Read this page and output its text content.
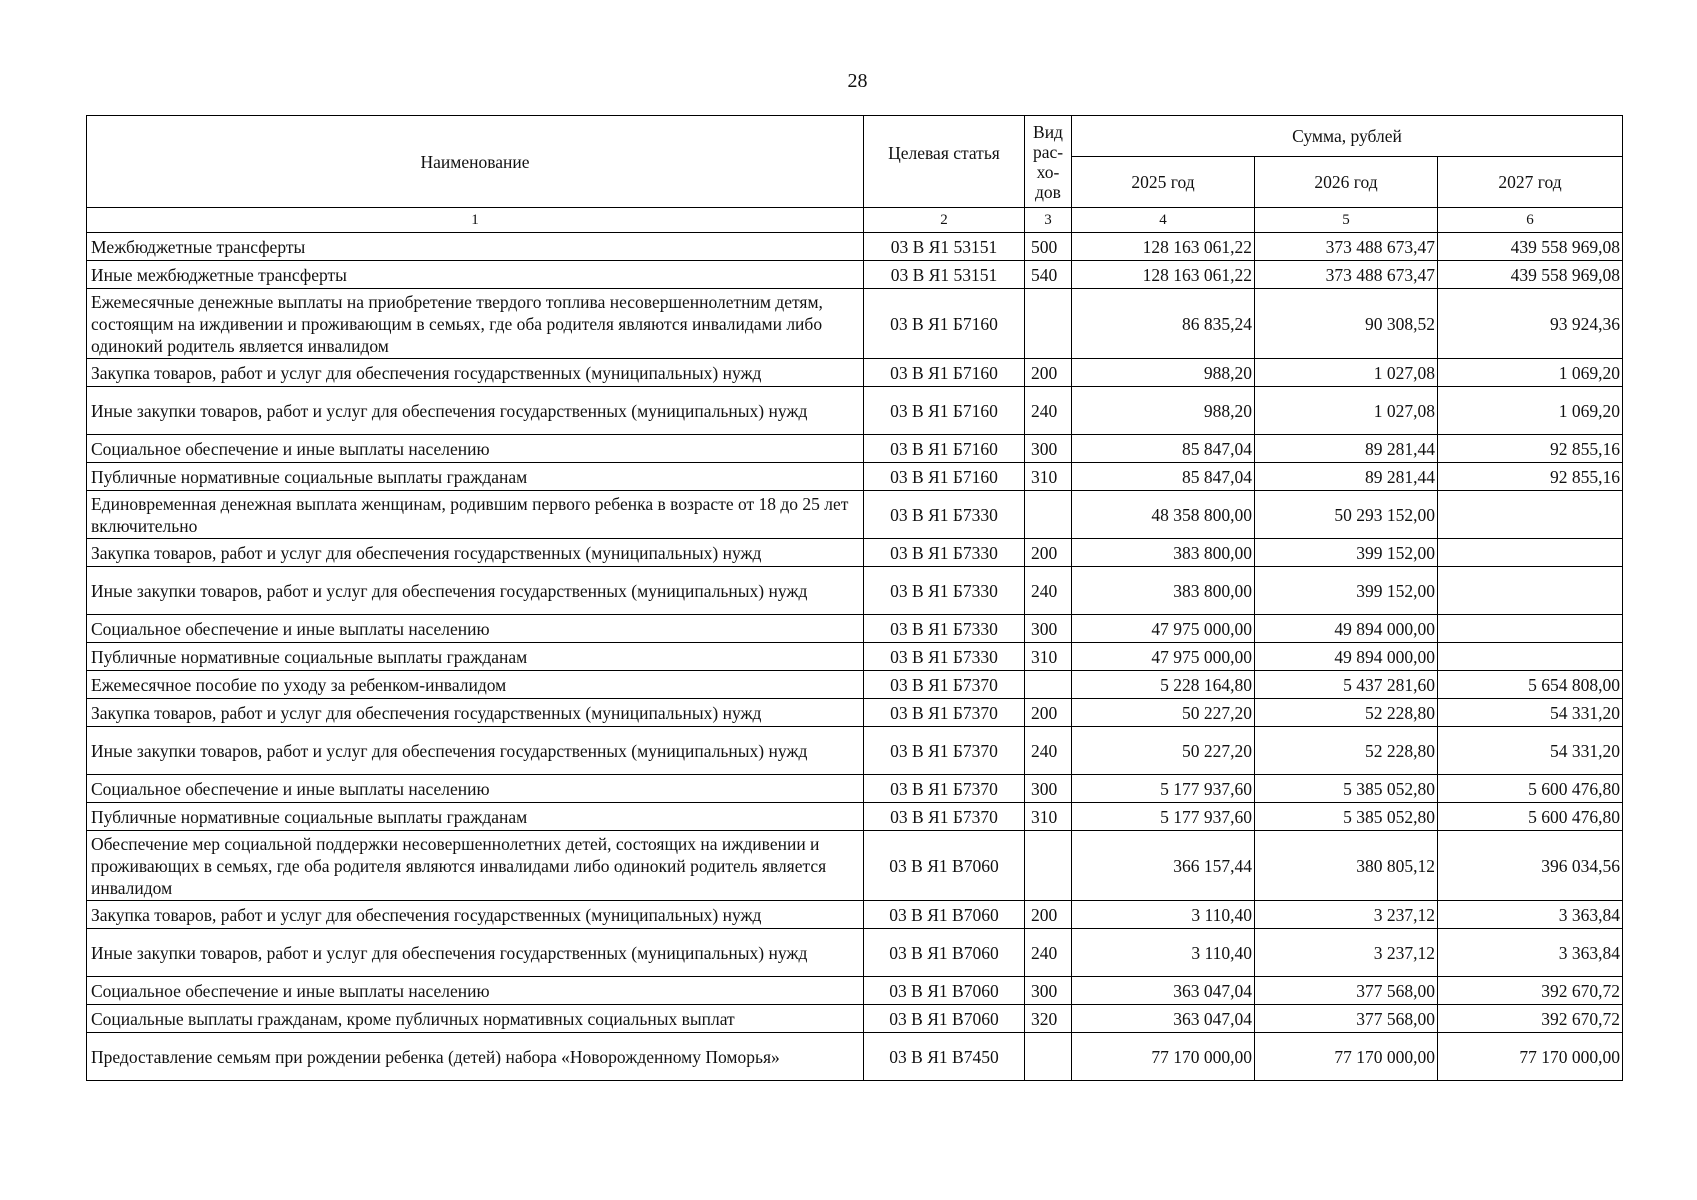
28
Наименование	Целевая статья	Вид
рас-
хо-
дов	Сумма, рублей		
			2025 год	2026 год	2027 год
1	2	3	4	5	6
Межбюджетные трансферты	03 В Я1 53151	500	128 163 061,22	373 488 673,47	439 558 969,08
Иные межбюджетные трансферты	03 В Я1 53151	540	128 163 061,22	373 488 673,47	439 558 969,08
Ежемесячные денежные выплаты на приобретение твердого топлива несовершеннолетним детям, состоящим на иждивении и проживающим в семьях, где оба родителя являются инвалидами либо одинокий родитель является инвалидом	03 В Я1 Б7160		86 835,24	90 308,52	93 924,36
Закупка товаров, работ и услуг для обеспечения государственных (муниципальных) нужд	03 В Я1 Б7160	200	988,20	1 027,08	1 069,20
Иные закупки товаров, работ и услуг для обеспечения государственных (муниципальных) нужд	03 В Я1 Б7160	240	988,20	1 027,08	1 069,20
Социальное обеспечение и иные выплаты населению	03 В Я1 Б7160	300	85 847,04	89 281,44	92 855,16
Публичные нормативные социальные выплаты гражданам	03 В Я1 Б7160	310	85 847,04	89 281,44	92 855,16
Единовременная денежная выплата женщинам, родившим первого ребенка в возрасте от 18 до 25 лет включительно	03 В Я1 Б7330		48 358 800,00	50 293 152,00	
Закупка товаров, работ и услуг для обеспечения государственных (муниципальных) нужд	03 В Я1 Б7330	200	383 800,00	399 152,00	
Иные закупки товаров, работ и услуг для обеспечения государственных (муниципальных) нужд	03 В Я1 Б7330	240	383 800,00	399 152,00	
Социальное обеспечение и иные выплаты населению	03 В Я1 Б7330	300	47 975 000,00	49 894 000,00	
Публичные нормативные социальные выплаты гражданам	03 В Я1 Б7330	310	47 975 000,00	49 894 000,00	
Ежемесячное пособие по уходу за ребенком-инвалидом	03 В Я1 Б7370		5 228 164,80	5 437 281,60	5 654 808,00
Закупка товаров, работ и услуг для обеспечения государственных (муниципальных) нужд	03 В Я1 Б7370	200	50 227,20	52 228,80	54 331,20
Иные закупки товаров, работ и услуг для обеспечения государственных (муниципальных) нужд	03 В Я1 Б7370	240	50 227,20	52 228,80	54 331,20
Социальное обеспечение и иные выплаты населению	03 В Я1 Б7370	300	5 177 937,60	5 385 052,80	5 600 476,80
Публичные нормативные социальные выплаты гражданам	03 В Я1 Б7370	310	5 177 937,60	5 385 052,80	5 600 476,80
Обеспечение мер социальной поддержки несовершеннолетних детей, состоящих на иждивении и проживающих в семьях, где оба родителя являются инвалидами либо одинокий родитель является инвалидом	03 В Я1 В7060		366 157,44	380 805,12	396 034,56
Закупка товаров, работ и услуг для обеспечения государственных (муниципальных) нужд	03 В Я1 В7060	200	3 110,40	3 237,12	3 363,84
Иные закупки товаров, работ и услуг для обеспечения государственных (муниципальных) нужд	03 В Я1 В7060	240	3 110,40	3 237,12	3 363,84
Социальное обеспечение и иные выплаты населению	03 В Я1 В7060	300	363 047,04	377 568,00	392 670,72
Социальные выплаты гражданам, кроме публичных нормативных социальных выплат	03 В Я1 В7060	320	363 047,04	377 568,00	392 670,72
Предоставление семьям при рождении ребенка (детей) набора «Новорожденному Поморья»	03 В Я1 В7450		77 170 000,00	77 170 000,00	77 170 000,00
